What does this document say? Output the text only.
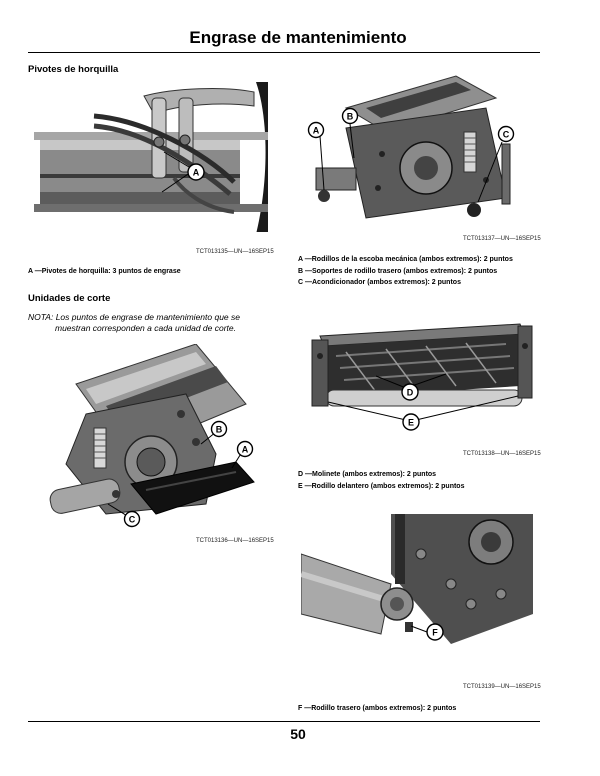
Engrase de mantenimiento
Pivotes de horquilla
A
TCT013135—UN—16SEP15
A —Pivotes de horquilla: 3 puntos de engrase
Unidades de corte
NOTA: Los puntos de engrase de mantenimiento que se
muestran corresponden a cada unidad de corte.
B
A
C
TCT013136—UN—16SEP15
A
B
C
TCT013137—UN—16SEP15
A —Rodillos de la escoba mecánica (ambos extremos): 2 puntos
B —Soportes de rodillo trasero (ambos extremos): 2 puntos
C —Acondicionador (ambos extremos): 2 puntos
D
E
TCT013138—UN—16SEP15
D —Molinete (ambos extremos): 2 puntos
E —Rodillo delantero (ambos extremos): 2 puntos
F
TCT013139—UN—16SEP15
F —Rodillo trasero (ambos extremos): 2 puntos
50
